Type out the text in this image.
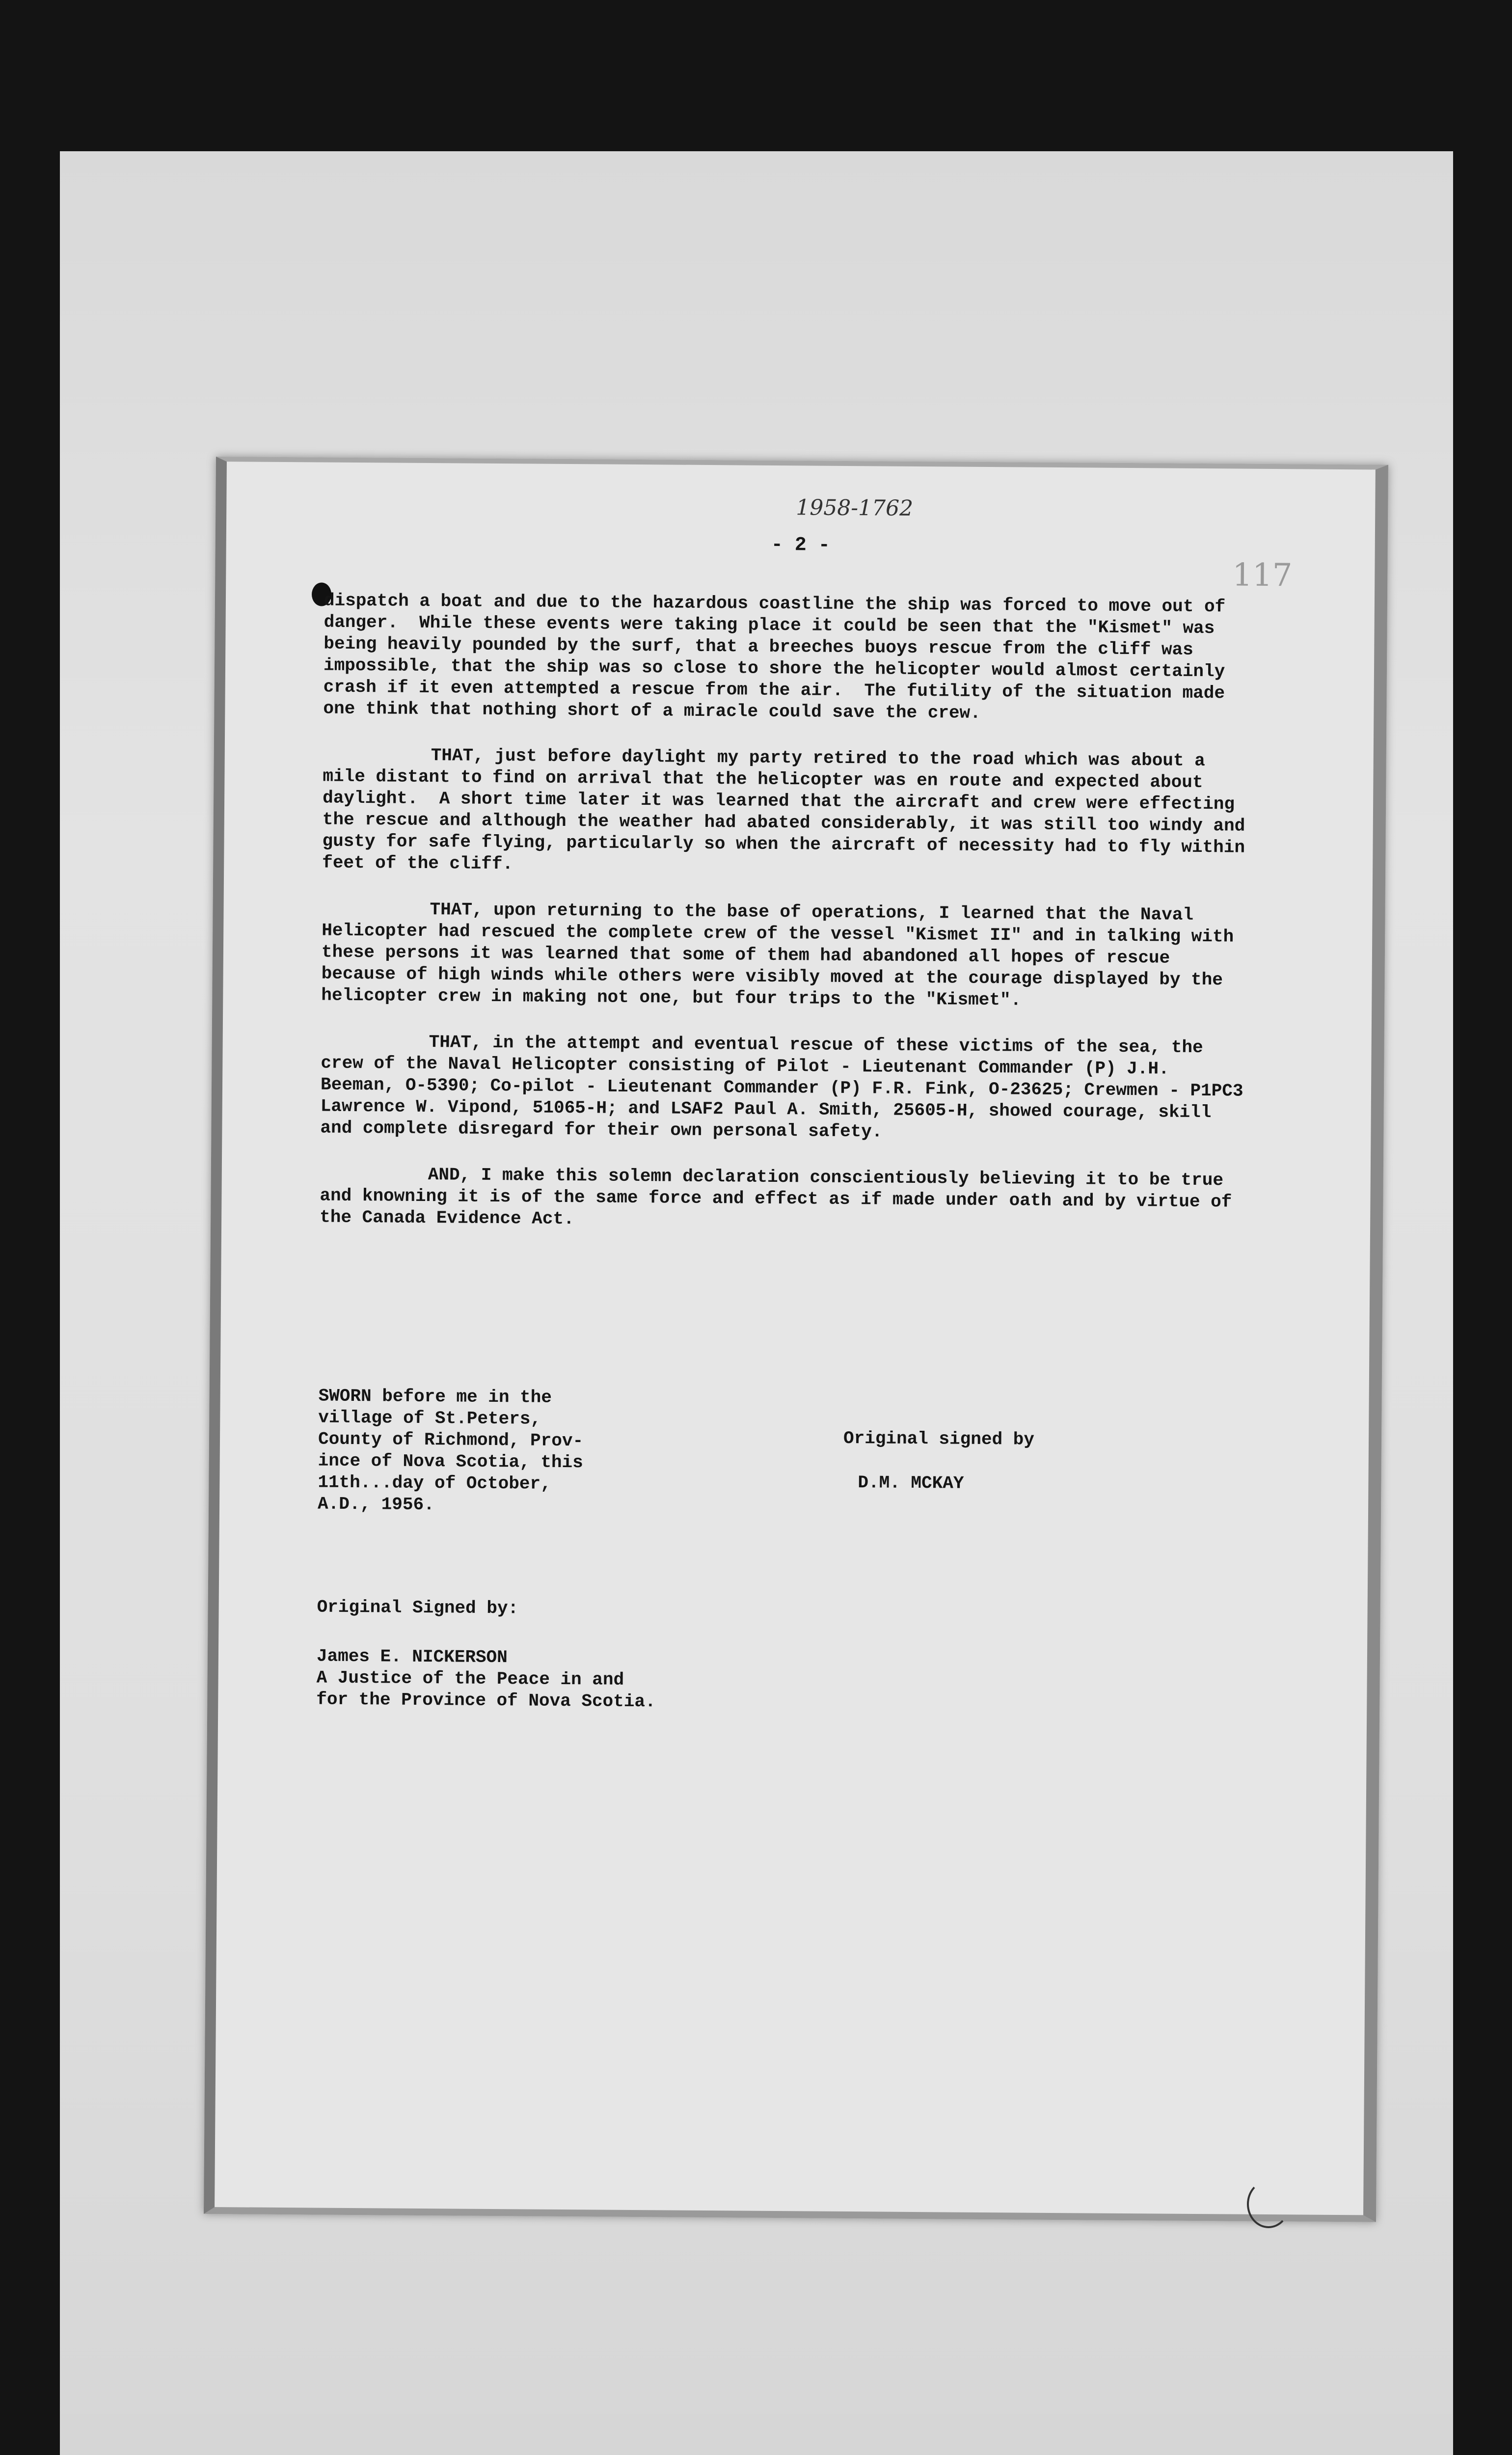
1958-1762
- 2 -
117

dispatch a boat and due to the hazardous coastline the ship was forced to move out of danger.  While these events were taking place it could be seen that the "Kismet" was being heavily pounded by the surf, that a breeches buoys rescue from the cliff was impossible, that the ship was so close to shore the helicopter would almost certainly crash if it even attempted a rescue from the air.  The futility of the situation made one think that nothing short of a miracle could save the crew.

THAT, just before daylight my party retired to the road which was about a mile distant to find on arrival that the helicopter was en route and expected about daylight.  A short time later it was learned that the aircraft and crew were effecting the rescue and although the weather had abated considerably, it was still too windy and gusty for safe flying, particularly so when the aircraft of necessity had to fly within feet of the cliff.

THAT, upon returning to the base of operations, I learned that the Naval Helicopter had rescued the complete crew of the vessel "Kismet II" and in talking with these persons it was learned that some of them had abandoned all hopes of rescue because of high winds while others were visibly moved at the courage displayed by the helicopter crew in making not one, but four trips to the "Kismet".

THAT, in the attempt and eventual rescue of these victims of the sea, the crew of the Naval Helicopter consisting of Pilot - Lieutenant Commander (P) J.H. Beeman, O-5390; Co-pilot - Lieutenant Commander (P) F.R. Fink, O-23625; Crewmen - P1PC3 Lawrence W. Vipond, 51065-H; and LSAF2 Paul A. Smith, 25605-H, showed courage, skill and complete disregard for their own personal safety.

AND, I make this solemn declaration conscientiously believing it to be true and knowning it is of the same force and effect as if made under oath and by virtue of the Canada Evidence Act.

SWORN before me in the
village of St.Peters,
County of Richmond, Prov-
ince of Nova Scotia, this
11th...day of October,
A.D., 1956.
Original signed by
D.M. MCKAY
Original Signed by:
James E. NICKERSON
A Justice of the Peace in and
for the Province of Nova Scotia.
